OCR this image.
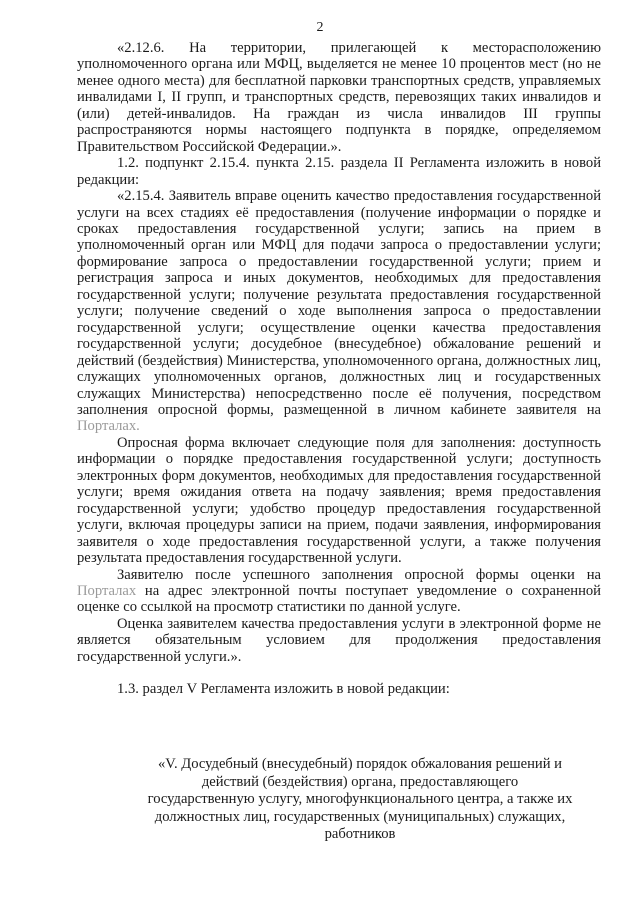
2

«2.12.6. На территории, прилегающей к месторасположению уполномоченного органа или МФЦ, выделяется не менее 10 процентов мест (но не менее одного места) для бесплатной парковки транспортных средств, управляемых инвалидами I, II групп, и транспортных средств, перевозящих таких инвалидов и (или) детей-инвалидов. На граждан из числа инвалидов III группы распространяются нормы настоящего подпункта в порядке, определяемом Правительством Российской Федерации.».

1.2. подпункт 2.15.4. пункта 2.15. раздела II Регламента изложить в новой редакции:

«2.15.4. Заявитель вправе оценить качество предоставления государственной услуги на всех стадиях её предоставления (получение информации о порядке и сроках предоставления государственной услуги; запись на прием в уполномоченный орган или МФЦ для подачи запроса о предоставлении услуги; формирование запроса о предоставлении государственной услуги; прием и регистрация запроса и иных документов, необходимых для предоставления государственной услуги; получение результата предоставления государственной услуги; получение сведений о ходе выполнения запроса о предоставлении государственной услуги; осуществление оценки качества предоставления государственной услуги; досудебное (внесудебное) обжалование решений и действий (бездействия) Министерства, уполномоченного органа, должностных лиц, служащих уполномоченных органов, должностных лиц и государственных служащих Министерства) непосредственно после её получения, посредством заполнения опросной формы, размещенной в личном кабинете заявителя на Порталах.

Опросная форма включает следующие поля для заполнения: доступность информации о порядке предоставления государственной услуги; доступность электронных форм документов, необходимых для предоставления государственной услуги; время ожидания ответа на подачу заявления; время предоставления государственной услуги; удобство процедур предоставления государственной услуги, включая процедуры записи на прием, подачи заявления, информирования заявителя о ходе предоставления государственной услуги, а также получения результата предоставления государственной услуги.

Заявителю после успешного заполнения опросной формы оценки на Порталах на адрес электронной почты поступает уведомление о сохраненной оценке со ссылкой на просмотр статистики по данной услуге.

Оценка заявителем качества предоставления услуги в электронной форме не является обязательным условием для продолжения предоставления государственной услуги.».

1.3. раздел V Регламента изложить в новой редакции:

«V. Досудебный (внесудебный) порядок обжалования решений и
действий (бездействия) органа, предоставляющего
государственную услугу, многофункционального центра, а также их
должностных лиц, государственных (муниципальных) служащих,
работников
